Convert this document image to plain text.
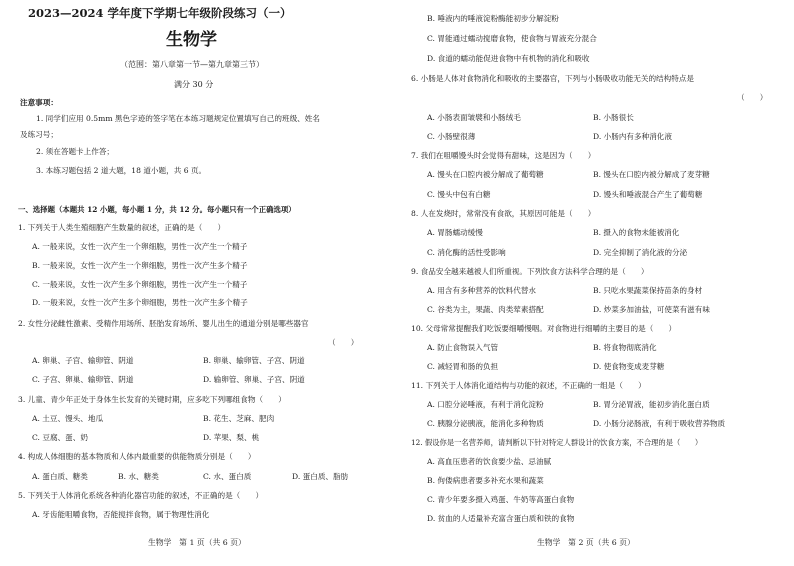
2023—2024 学年度下学期七年级阶段练习（一）
生物学
（范围：第八章第一节—第九章第三节）
满分 30 分
注意事项：
1. 同学们应用 0.5mm 黑色字迹的签字笔在本练习题规定位置填写自己的班级、姓名
及练习号；
2. 须在答题卡上作答；
3. 本练习题包括 2 道大题，18 道小题，共 6 页。
一、选择题（本题共 12 小题，每小题 1 分，共 12 分。每小题只有一个正确选项）
1. 下列关于人类生殖细胞产生数量的叙述，正确的是（　　）
A. 一般来说，女性一次产生一个卵细胞，男性一次产生一个精子
B. 一般来说，女性一次产生一个卵细胞，男性一次产生多个精子
C. 一般来说，女性一次产生多个卵细胞，男性一次产生一个精子
D. 一般来说，女性一次产生多个卵细胞，男性一次产生多个精子
2. 女性分泌雌性激素、受精作用场所、胚胎发育场所、婴儿出生的通道分别是哪些器官
（　　）
A. 卵巢、子宫、输卵管、阴道	B. 卵巢、输卵管、子宫、阴道
C. 子宫、卵巢、输卵管、阴道	D. 输卵管、卵巢、子宫、阴道
3. 儿童、青少年正处于身体生长发育的关键时期，应多吃下列哪组食物（　　）
A. 土豆、馒头、地瓜	B. 花生、芝麻、肥肉
C. 豆腐、蛋、奶	D. 苹果、梨、桃
4. 构成人体细胞的基本物质和人体内最重要的供能物质分别是（　　）
A. 蛋白质、糖类	B. 水、糖类	C. 水、蛋白质	D. 蛋白质、脂肪
5. 下列关于人体消化系统各种消化器官功能的叙述，不正确的是（　　）
A. 牙齿能咀嚼食物，否能搅拌食物，属于物理性消化
生物学　第 1 页（共 6 页）
B. 唾液内的唾液淀粉酶能初步分解淀粉
C. 胃能通过蠕动搅磨食物，使食物与胃液充分混合
D. 食道的蠕动能促进食物中有机物的消化和吸收
6. 小肠是人体对食物消化和吸收的主要器官，下列与小肠吸收功能无关的结构特点是
（　　）
A. 小肠表面皱襞和小肠绒毛	B. 小肠很长
C. 小肠壁很薄	D. 小肠内有多种消化液
7. 我们在咀嚼馒头时会觉得有甜味，这是因为（　　）
A. 馒头在口腔内被分解成了葡萄糖	B. 馒头在口腔内被分解成了麦芽糖
C. 馒头中包有白糖	D. 馒头和唾液混合产生了葡萄糖
8. 人在发烧时，常常没有食欲，其原因可能是（　　）
A. 胃肠蠕动缓慢	B. 摄入的食物未能被消化
C. 消化酶的活性受影响	D. 完全抑制了消化液的分泌
9. 食品安全越来越被人们所重视。下列饮食方法科学合理的是（　　）
A. 用含有多种营养的饮料代替水	B. 只吃水果蔬菜保持苗条的身材
C. 谷类为主，果蔬、肉类荤素搭配	D. 炒菜多加油盐，可使菜有滋有味
10. 父母常常提醒我们吃饭要细嚼慢咽。对食物进行细嚼的主要目的是（　　）
A. 防止食物误入气管	B. 将食物彻底消化
C. 减轻胃和肠的负担	D. 使食物变成麦芽糖
11. 下列关于人体消化道结构与功能的叙述，不正确的一组是（　　）
A. 口腔分泌唾液，有利于消化淀粉	B. 胃分泌胃液，能初步消化蛋白质
C. 胰腺分泌胰液，能消化多种物质	D. 小肠分泌肠液，有利于吸收营养物质
12. 假设你是一名营养师，请判断以下针对特定人群设计的饮食方案，不合理的是（　　）
A. 高血压患者的饮食要少盐、忌油腻
B. 佝偻病患者要多补充水果和蔬菜
C. 青少年要多摄入鸡蛋、牛奶等高蛋白食物
D. 贫血的人适量补充富含蛋白质和铁的食物
生物学　第 2 页（共 6 页）
